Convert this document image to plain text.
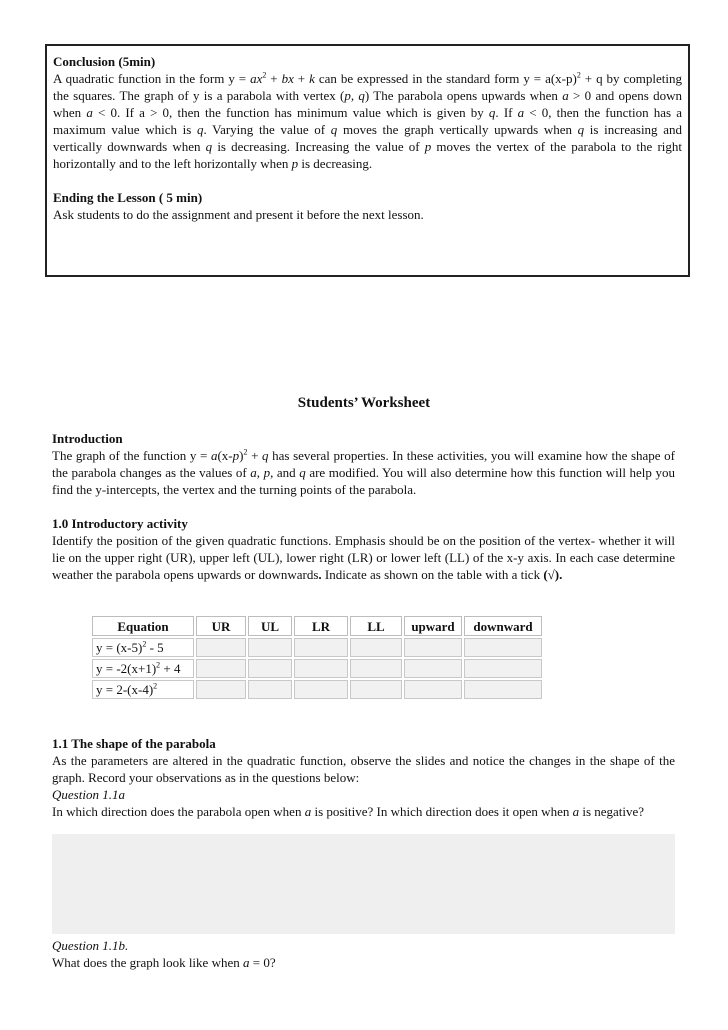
Conclusion (5min)

A quadratic function in the form $y = ax^2$ + bx + k can be expressed in the standard form $y = a(x-p)^2 + q$ by completing the squares. The graph of y is a parabola with vertex (p, q) The parabola opens upwards when a > 0 and opens down when a < 0. If a > 0, then the function has minimum value which is given by q. If a < 0, then the function has a maximum value which is q. Varying the value of q moves the graph vertically upwards when q is increasing and vertically downwards when q is decreasing. Increasing the value of p moves the vertex of the parabola to the right horizontally and to the left horizontally when p is decreasing.

Ending the Lesson ( 5 min)

Ask students to do the assignment and present it before the next lesson.

Students’ Worksheet

Introduction

The graph of the function $y = a(x-p)^2 + q$ has several properties. In these activities, you will examine how the shape of the parabola changes as the values of a, p, and q are modified. You will also determine how this function will help you find the y-intercepts, the vertex and the turning points of the parabola.

1.0 Introductory activity

Identify the position of the given quadratic functions. Emphasis should be on the position of the vertex- whether it will lie on the upper right (UR), upper left (UL), lower right (LR) or lower left (LL) of the x-y axis. In each case determine weather the parabola opens upwards or downwards. Indicate as shown on the table with a tick (√).

Equation	UR	UL	LR	LL	upward	downward
$y = (x-5)^2 - 5$						
$y = -2(x+1)^2 + 4$						
$y = 2-(x-4)^2$						

1.1 The shape of the parabola

As the parameters are altered in the quadratic function, observe the slides and notice the changes in the shape of the graph. Record your observations as in the questions below:

Question 1.1a

In which direction does the parabola open when a is positive? In which direction does it open when a is negative?

Question 1.1b.

What does the graph look like when a = 0?
